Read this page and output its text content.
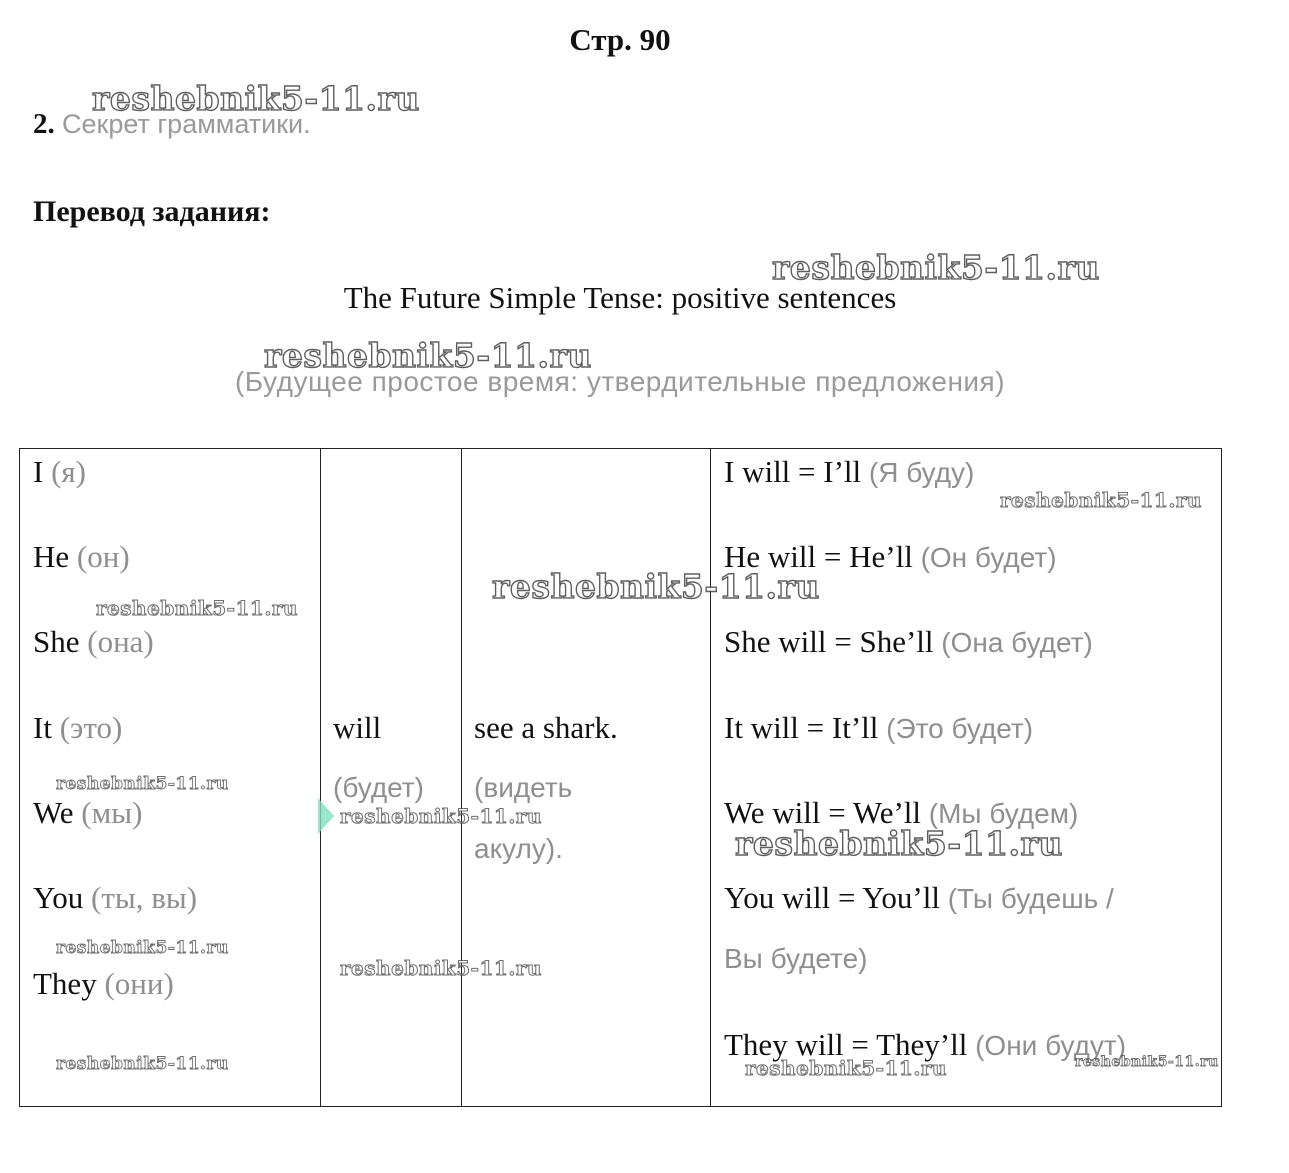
Стр. 90
2. Секрет грамматики.
Перевод задания:
The Future Simple Tense: positive sentences
(Будущее простое время: утвердительные предложения)
I (я)
He (он)
She (она)
It (это)
We (мы)
You (ты, вы)
They (они)
will
(будет)
see a shark.
(видеть
акулу).
I will = I’ll (Я буду)
He will = He’ll (Он будет)
She will = She’ll (Она будет)
It will = It’ll (Это будет)
We will = We’ll (Мы будем)
You will = You’ll (Ты будешь /
Вы будете)
They will = They’ll (Они будут)
reshebnik5-11.ru
reshebnik5-11.ru
reshebnik5-11.ru
reshebnik5-11.ru
reshebnik5-11.ru
reshebnik5-11.ru
reshebnik5-11.ru
reshebnik5-11.ru
reshebnik5-11.ru
reshebnik5-11.ru
reshebnik5-11.ru
reshebnik5-11.ru	reshebnik5-11.ru
reshebnik5-11.ru
